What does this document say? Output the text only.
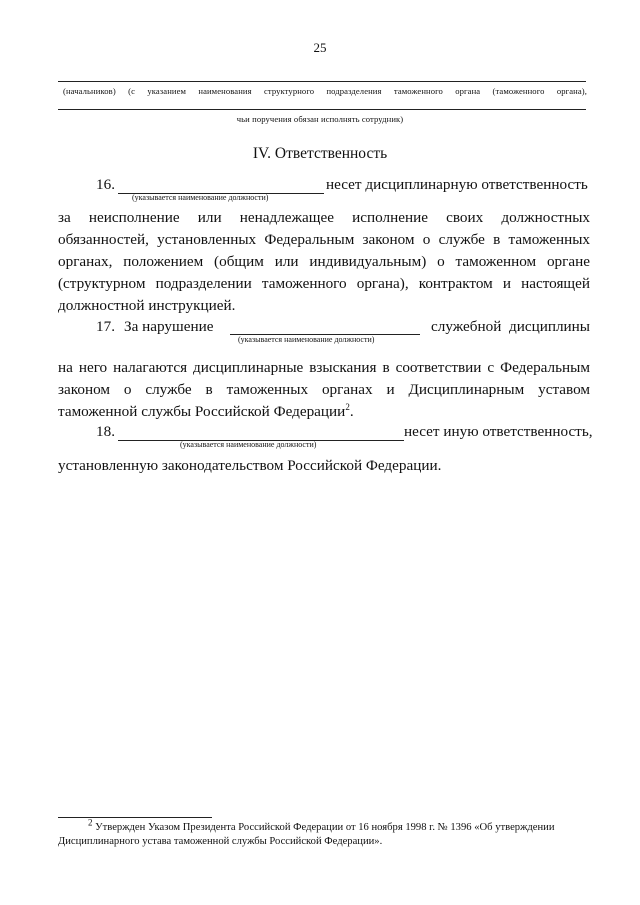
25
(начальников) (с указанием наименования структурного подразделения таможенного органа (таможенного органа),
чьи поручения обязан исполнять сотрудник)
IV. Ответственность
16.
(указывается наименование должности)
несет дисциплинарную ответственность
за неисполнение или ненадлежащее исполнение своих должностных
обязанностей, установленных Федеральным законом о службе в таможенных
органах, положением (общим или индивидуальным) о таможенном органе
(структурном подразделении таможенного органа), контрактом и настоящей
должностной инструкцией.
17. За нарушение
(указывается наименование должности)
служебной дисциплины
на него налагаются дисциплинарные взыскания в соответствии с Федеральным
законом о службе в таможенных органах и Дисциплинарным уставом
таможенной службы Российской Федерации$^2$.
18.
(указывается наименование должности)
несет иную ответственность,
установленную законодательством Российской Федерации.
$^2$ Утвержден Указом Президента Российской Федерации от 16 ноября 1998 г. № 1396 «Об утверждении
Дисциплинарного устава таможенной службы Российской Федерации».
